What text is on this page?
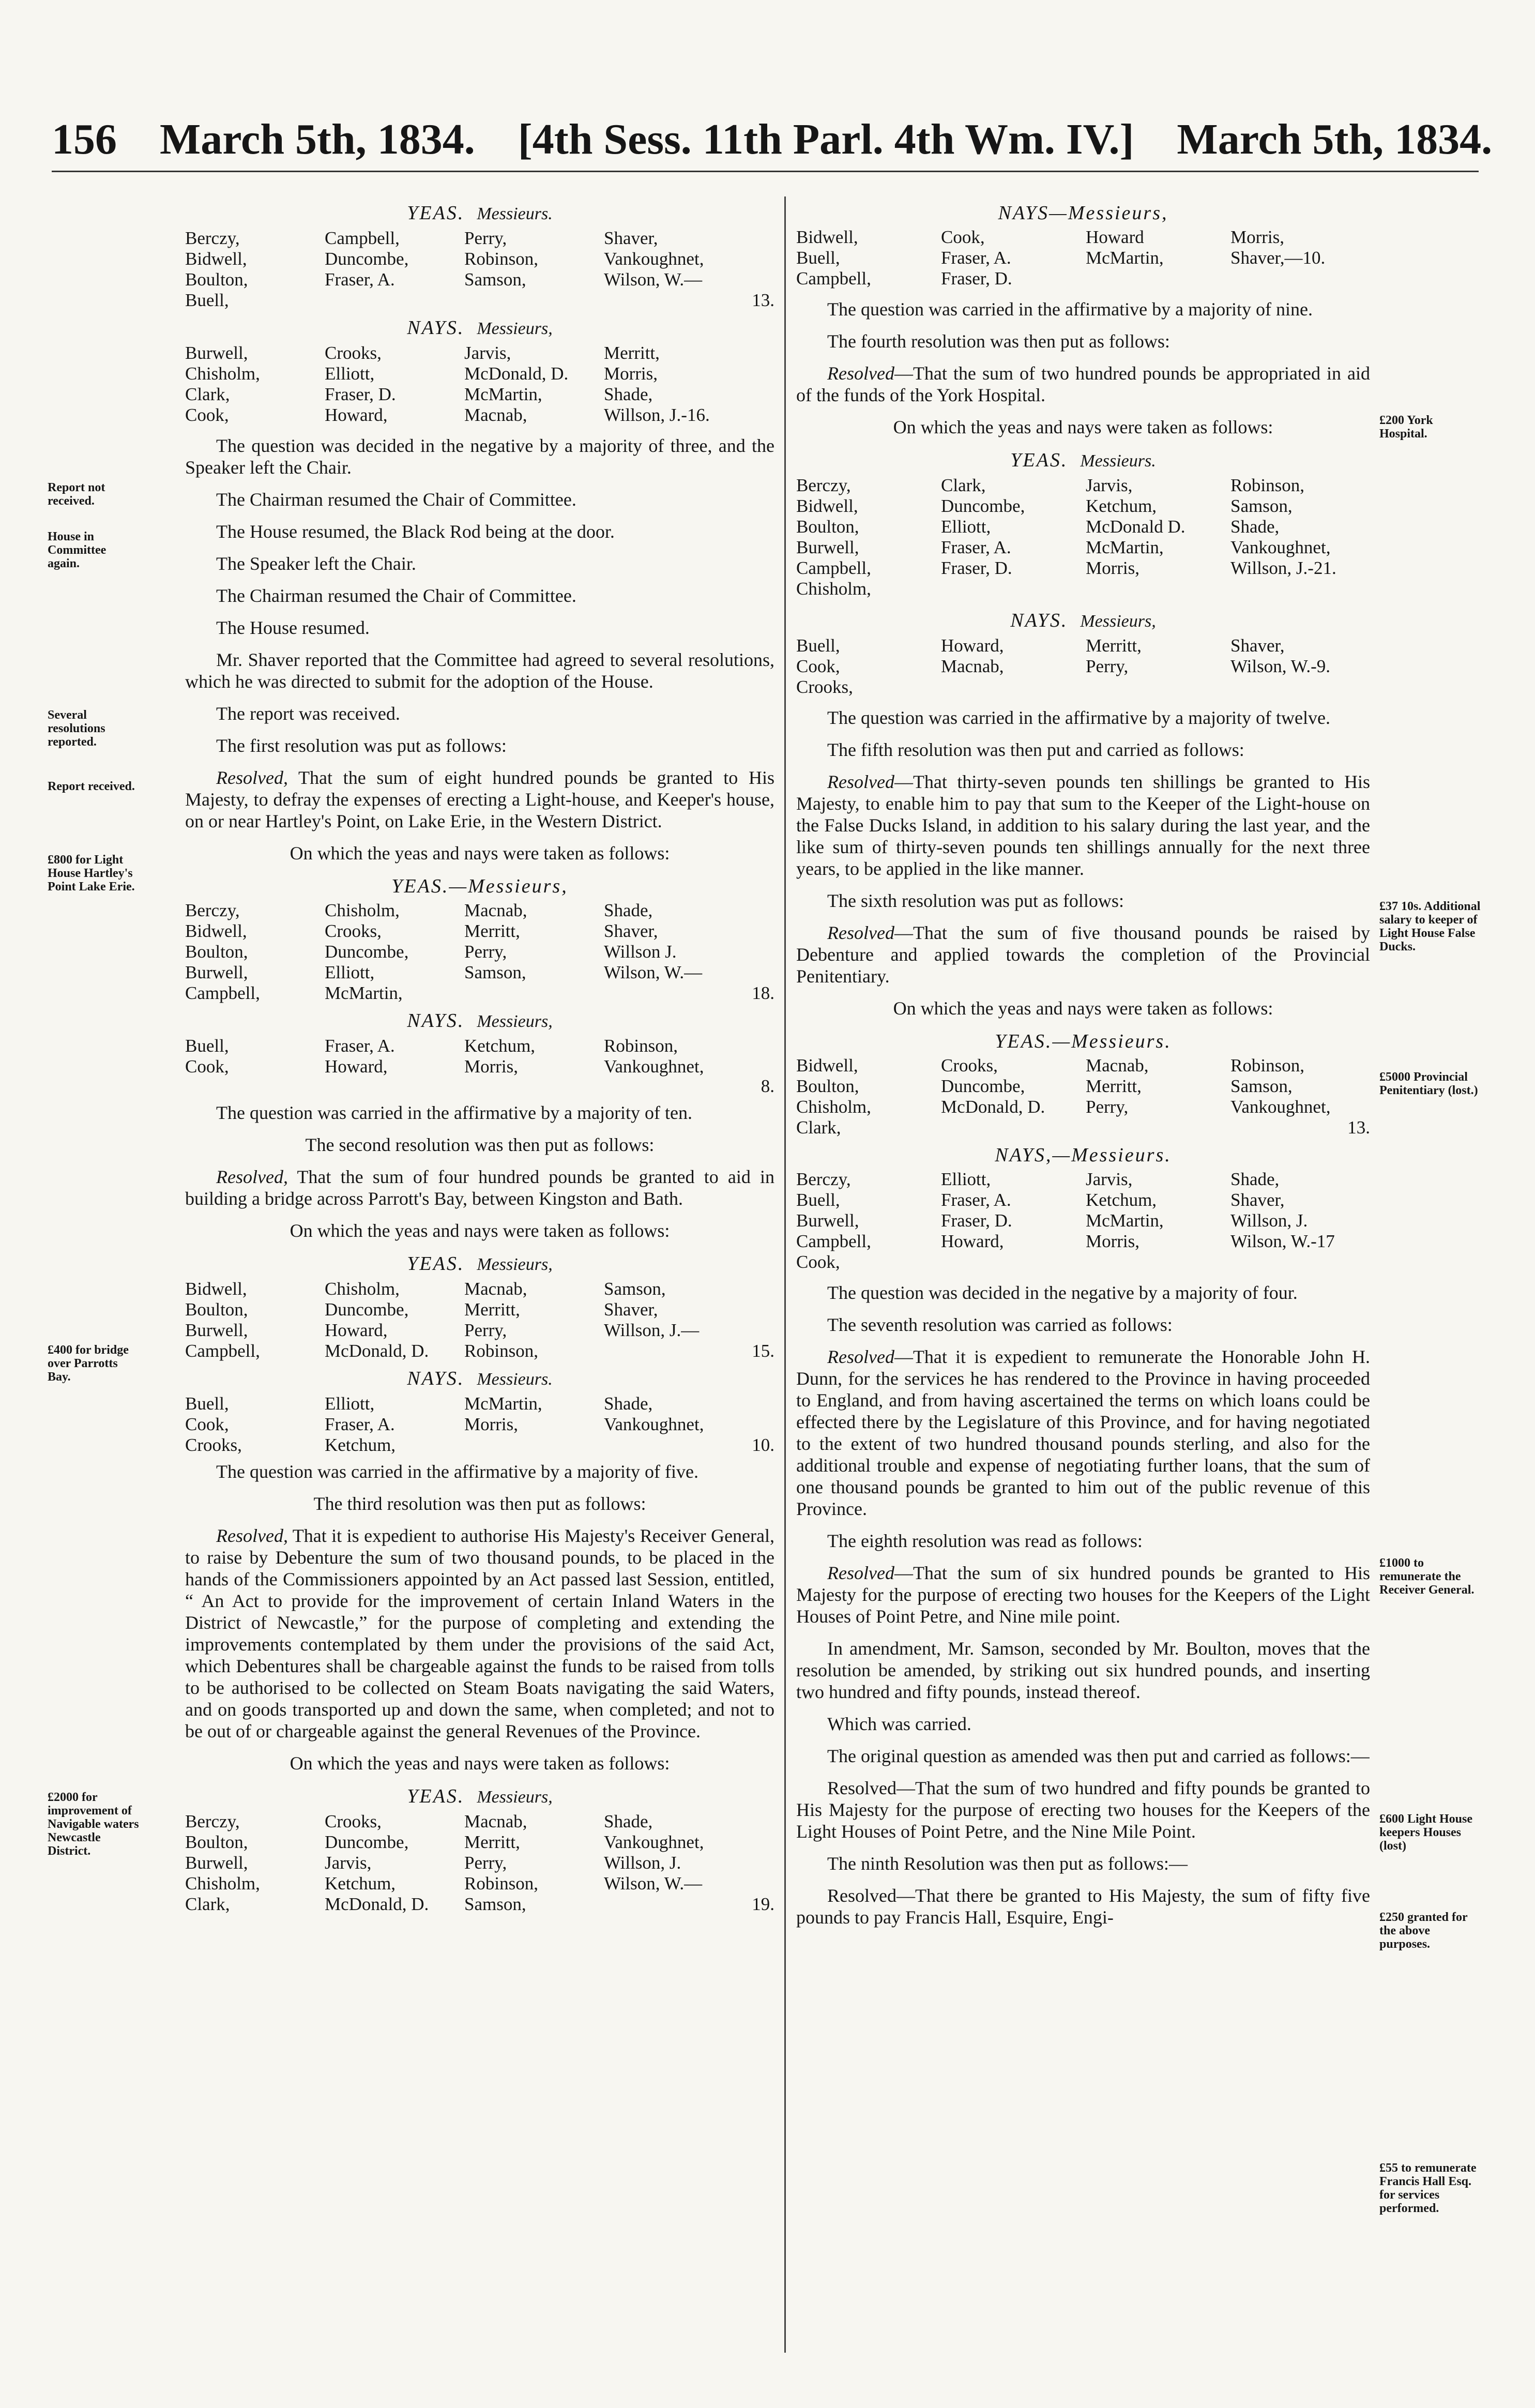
156 March 5th, 1834. [4th Sess. 11th Parl. 4th Wm. IV.] March 5th, 1834.
Report not received.
House in Committee again.
Several resolutions reported.
Report received.
£800 for Light House Hartley's Point Lake Erie.
£400 for bridge over Parrotts Bay.
£2000 for improvement of Navigable waters Newcastle District.
£200 York Hospital.
£37 10s. Additional salary to keeper of Light House False Ducks.
£5000 Provincial Penitentiary (lost.)
£1000 to remunerate the Receiver General.
£600 Light House keepers Houses (lost)
£250 granted for the above purposes.
£55 to remunerate Francis Hall Esq. for services performed.
YEAS. Messieurs.
Berczy,	Campbell,	Perry,	Shaver,
Bidwell,	Duncombe,	Robinson,	Vankoughnet,
Boulton,	Fraser, A.	Samson,	Wilson, W.—
Buell,	13.
NAYS. Messieurs,
Burwell,	Crooks,	Jarvis,	Merritt,
Chisholm,	Elliott,	McDonald, D.	Morris,
Clark,	Fraser, D.	McMartin,	Shade,
Cook,	Howard,	Macnab,	Willson, J.-16.

The question was decided in the negative by a majority of three, and the Speaker left the Chair.

The Chairman resumed the Chair of Committee.

The House resumed, the Black Rod being at the door.

The Speaker left the Chair.

The Chairman resumed the Chair of Committee.

The House resumed.

Mr. Shaver reported that the Committee had agreed to several resolutions, which he was directed to submit for the adoption of the House.

The report was received.

The first resolution was put as follows:

Resolved, That the sum of eight hundred pounds be granted to His Majesty, to defray the expenses of erecting a Light-house, and Keeper's house, on or near Hartley's Point, on Lake Erie, in the Western District.

On which the yeas and nays were taken as follows:

YEAS.—Messieurs,
Berczy,	Chisholm,	Macnab,	Shade,
Bidwell,	Crooks,	Merritt,	Shaver,
Boulton,	Duncombe,	Perry,	Willson J.
Burwell,	Elliott,	Samson,	Wilson, W.—
Campbell,	McMartin,	18.
NAYS. Messieurs,
Buell,	Fraser, A.	Ketchum,	Robinson,
Cook,	Howard,	Morris,	Vankoughnet,
8.

The question was carried in the affirmative by a majority of ten.

The second resolution was then put as follows:

Resolved, That the sum of four hundred pounds be granted to aid in building a bridge across Parrott's Bay, between Kingston and Bath.

On which the yeas and nays were taken as follows:

YEAS. Messieurs,
Bidwell,	Chisholm,	Macnab,	Samson,
Boulton,	Duncombe,	Merritt,	Shaver,
Burwell,	Howard,	Perry,	Willson, J.—
Campbell,	McDonald, D.	Robinson,	15.
NAYS. Messieurs.
Buell,	Elliott,	McMartin,	Shade,
Cook,	Fraser, A.	Morris,	Vankoughnet,
Crooks,	Ketchum,	10.

The question was carried in the affirmative by a majority of five.

The third resolution was then put as follows:

Resolved, That it is expedient to authorise His Majesty's Receiver General, to raise by Debenture the sum of two thousand pounds, to be placed in the hands of the Commissioners appointed by an Act passed last Session, entitled, “ An Act to provide for the improvement of certain Inland Waters in the District of Newcastle,” for the purpose of completing and extending the improvements contemplated by them under the provisions of the said Act, which Debentures shall be chargeable against the funds to be raised from tolls to be authorised to be collected on Steam Boats navigating the said Waters, and on goods transported up and down the same, when completed; and not to be out of or chargeable against the general Revenues of the Province.

On which the yeas and nays were taken as follows:

YEAS. Messieurs,
Berczy,	Crooks,	Macnab,	Shade,
Boulton,	Duncombe,	Merritt,	Vankoughnet,
Burwell,	Jarvis,	Perry,	Willson, J.
Chisholm,	Ketchum,	Robinson,	Wilson, W.—
Clark,	McDonald, D.	Samson,	19.
NAYS—Messieurs,
Bidwell,	Cook,	Howard	Morris,
Buell,	Fraser, A.	McMartin,	Shaver,—10.
Campbell,	Fraser, D.

The question was carried in the affirmative by a majority of nine.

The fourth resolution was then put as follows:

Resolved—That the sum of two hundred pounds be appropriated in aid of the funds of the York Hospital.

On which the yeas and nays were taken as follows:

YEAS. Messieurs.
Berczy,	Clark,	Jarvis,	Robinson,
Bidwell,	Duncombe,	Ketchum,	Samson,
Boulton,	Elliott,	McDonald D.	Shade,
Burwell,	Fraser, A.	McMartin,	Vankoughnet,
Campbell,	Fraser, D.	Morris,	Willson, J.-21.
Chisholm,
NAYS. Messieurs,
Buell,	Howard,	Merritt,	Shaver,
Cook,	Macnab,	Perry,	Wilson, W.-9.
Crooks,

The question was carried in the affirmative by a majority of twelve.

The fifth resolution was then put and carried as follows:

Resolved—That thirty-seven pounds ten shillings be granted to His Majesty, to enable him to pay that sum to the Keeper of the Light-house on the False Ducks Island, in addition to his salary during the last year, and the like sum of thirty-seven pounds ten shillings annually for the next three years, to be applied in the like manner.

The sixth resolution was put as follows:

Resolved—That the sum of five thousand pounds be raised by Debenture and applied towards the completion of the Provincial Penitentiary.

On which the yeas and nays were taken as follows:

YEAS.—Messieurs.
Bidwell,	Crooks,	Macnab,	Robinson,
Boulton,	Duncombe,	Merritt,	Samson,
Chisholm,	McDonald, D.	Perry,	Vankoughnet,
Clark,	13.
NAYS,—Messieurs.
Berczy,	Elliott,	Jarvis,	Shade,
Buell,	Fraser, A.	Ketchum,	Shaver,
Burwell,	Fraser, D.	McMartin,	Willson, J.
Campbell,	Howard,	Morris,	Wilson, W.-17
Cook,

The question was decided in the negative by a majority of four.

The seventh resolution was carried as follows:

Resolved—That it is expedient to remunerate the Honorable John H. Dunn, for the services he has rendered to the Province in having proceeded to England, and from having ascertained the terms on which loans could be effected there by the Legislature of this Province, and for having negotiated to the extent of two hundred thousand pounds sterling, and also for the additional trouble and expense of negotiating further loans, that the sum of one thousand pounds be granted to him out of the public revenue of this Province.

The eighth resolution was read as follows:

Resolved—That the sum of six hundred pounds be granted to His Majesty for the purpose of erecting two houses for the Keepers of the Light Houses of Point Petre, and Nine mile point.

In amendment, Mr. Samson, seconded by Mr. Boulton, moves that the resolution be amended, by striking out six hundred pounds, and inserting two hundred and fifty pounds, instead thereof.

Which was carried.

The original question as amended was then put and carried as follows:—

Resolved—That the sum of two hundred and fifty pounds be granted to His Majesty for the purpose of erecting two houses for the Keepers of the Light Houses of Point Petre, and the Nine Mile Point.

The ninth Resolution was then put as follows:—

Resolved—That there be granted to His Majesty, the sum of fifty five pounds to pay Francis Hall, Esquire, Engi-
